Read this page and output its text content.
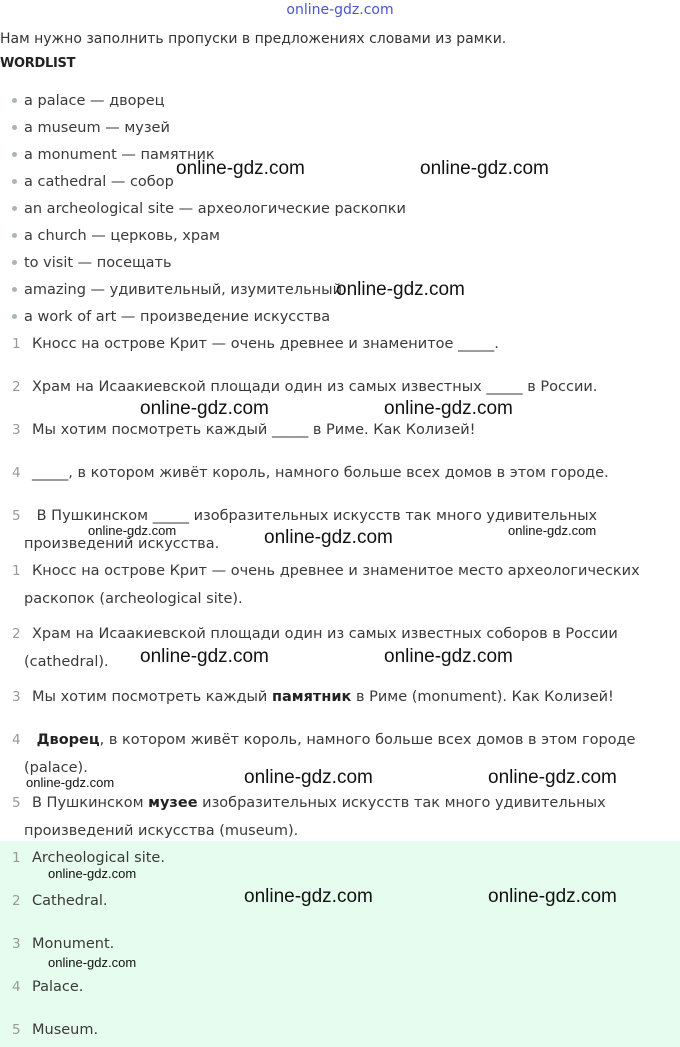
online-gdz.com
Нам нужно заполнить пропуски в предложениях словами из рамки.
WORDLIST
a palace — дворец
a museum — музей
a monument — памятник
a cathedral — собор
an archeological site — археологические раскопки
a church — церковь, храм
to visit — посещать
amazing — удивительный, изумительный
a work of art — произведение искусства
1 Кносс на острове Крит — очень древнее и знаменитое _____.
2 Храм на Исаакиевской площади один из самых известных _____ в России.
3 Мы хотим посмотреть каждый _____ в Риме. Как Колизей!
4 _____, в котором живёт король, намного больше всех домов в этом городе.
5 В Пушкинском _____ изобразительных искусств так много удивительных
произведений искусства.
1 Кносс на острове Крит — очень древнее и знаменитое место археологических
раскопок (archeological site).
2 Храм на Исаакиевской площади один из самых известных соборов в России
(cathedral).
3 Мы хотим посмотреть каждый памятник в Риме (monument). Как Колизей!
4 Дворец, в котором живёт король, намного больше всех домов в этом городе
(palace).
5 В Пушкинском музее изобразительных искусств так много удивительных
произведений искусства (museum).
1 Archeological site.
2 Cathedral.
3 Monument.
4 Palace.
5 Museum.
online-gdz.com	online-gdz.com
online-gdz.com
online-gdz.com	online-gdz.com
online-gdz.com	online-gdz.com	online-gdz.com
online-gdz.com	online-gdz.com
online-gdz.com	online-gdz.com	online-gdz.com
online-gdz.com
online-gdz.com	online-gdz.com
online-gdz.com
